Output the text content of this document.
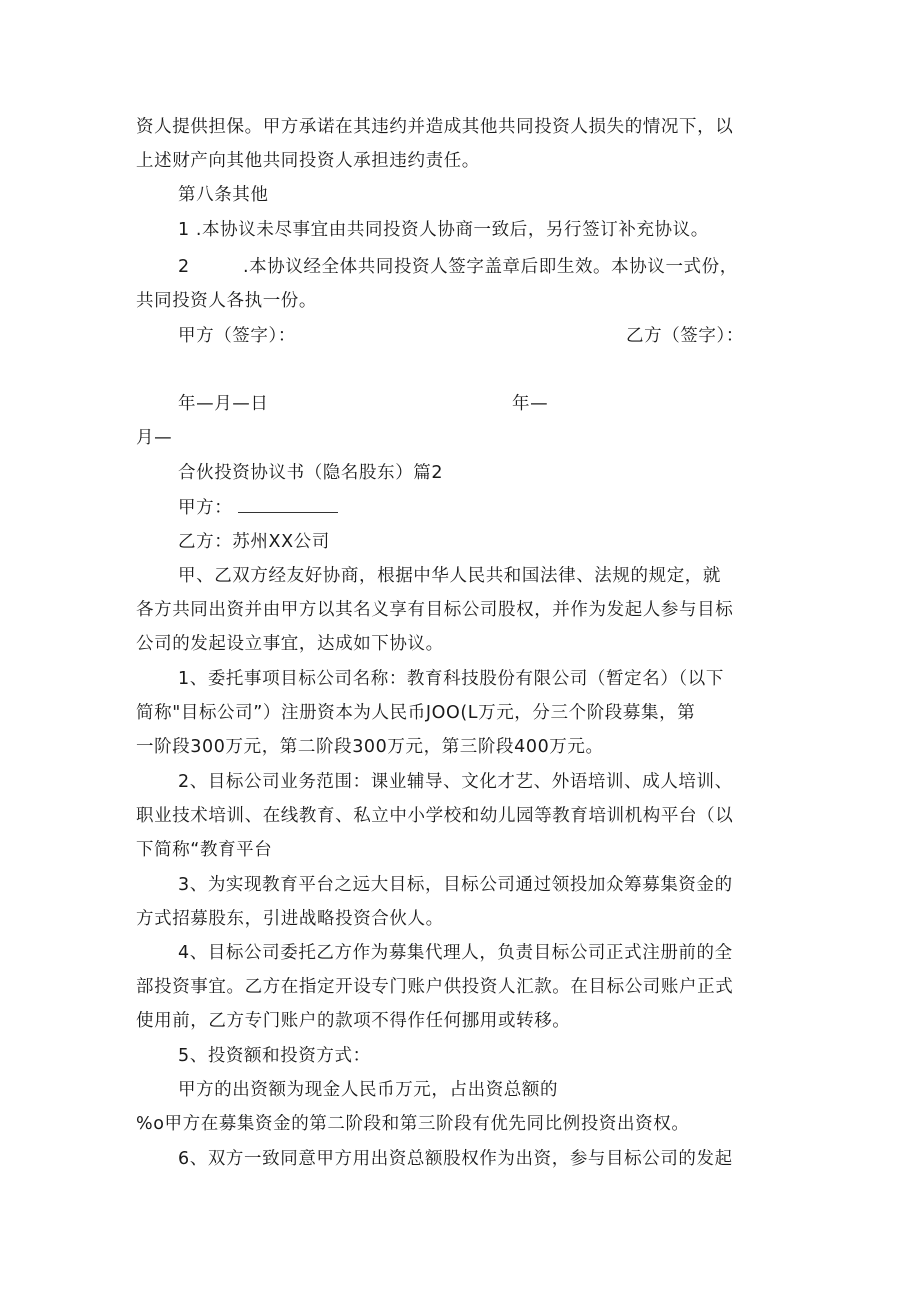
资人提供担保。甲方承诺在其违约并造成其他共同投资人损失的情况下，以
上述财产向其他共同投资人承担违约责任。
第八条其他
1 .本协议未尽事宜由共同投资人协商一致后，另行签订补充协议。
2	.本协议经全体共同投资人签字盖章后即生效。本协议一式份，
共同投资人各执一份。
甲方（签字）：	乙方（签字）：
年—月—日	年—
月—
合伙投资协议书（隐名股东）篇2
甲方：
乙方：苏州XX公司
甲、乙双方经友好协商，根据中华人民共和国法律、法规的规定，就
各方共同出资并由甲方以其名义享有目标公司股权，并作为发起人参与目标
公司的发起设立事宜，达成如下协议。
1、委托事项目标公司名称：教育科技股份有限公司（暂定名）（以下
简称"目标公司”）注册资本为人民币JOO(L万元，分三个阶段募集，第
一阶段300万元，第二阶段300万元，第三阶段400万元。
2、目标公司业务范围：课业辅导、文化才艺、外语培训、成人培训、
职业技术培训、在线教育、私立中小学校和幼儿园等教育培训机构平台（以
下简称“教育平台
3、为实现教育平台之远大目标，目标公司通过领投加众筹募集资金的
方式招募股东，引进战略投资合伙人。
4、目标公司委托乙方作为募集代理人，负责目标公司正式注册前的全
部投资事宜。乙方在指定开设专门账户供投资人汇款。在目标公司账户正式
使用前，乙方专门账户的款项不得作任何挪用或转移。
5、投资额和投资方式：
甲方的出资额为现金人民币万元，占出资总额的
%o甲方在募集资金的第二阶段和第三阶段有优先同比例投资出资权。
6、双方一致同意甲方用出资总额股权作为出资，参与目标公司的发起
